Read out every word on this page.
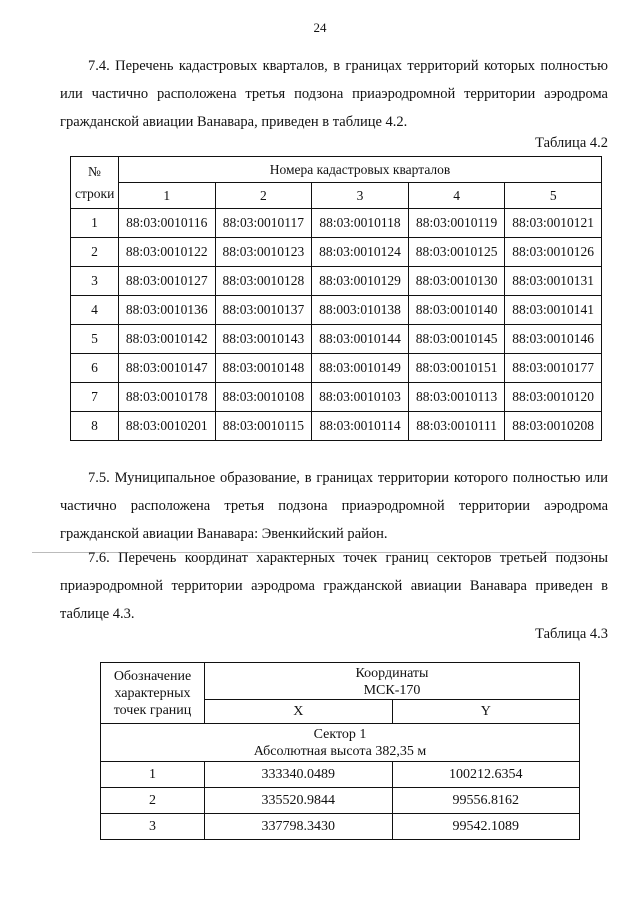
24

7.4. Перечень кадастровых кварталов, в границах территорий которых полностью или частично расположена третья подзона приаэродромной территории аэродрома гражданской авиации Ванавара, приведен в таблице 4.2.

Таблица 4.2
№ строки	Номера кадастровых кварталов				
	1	2	3	4	5
1	88:03:0010116	88:03:0010117	88:03:0010118	88:03:0010119	88:03:0010121
2	88:03:0010122	88:03:0010123	88:03:0010124	88:03:0010125	88:03:0010126
3	88:03:0010127	88:03:0010128	88:03:0010129	88:03:0010130	88:03:0010131
4	88:03:0010136	88:03:0010137	88:003:010138	88:03:0010140	88:03:0010141
5	88:03:0010142	88:03:0010143	88:03:0010144	88:03:0010145	88:03:0010146
6	88:03:0010147	88:03:0010148	88:03:0010149	88:03:0010151	88:03:0010177
7	88:03:0010178	88:03:0010108	88:03:0010103	88:03:0010113	88:03:0010120
8	88:03:0010201	88:03:0010115	88:03:0010114	88:03:0010111	88:03:0010208

7.5. Муниципальное образование, в границах территории которого полностью или частично расположена третья подзона приаэродромной территории аэродрома гражданской авиации Ванавара: Эвенкийский район.

7.6. Перечень координат характерных точек границ секторов третьей подзоны приаэродромной территории аэродрома гражданской авиации Ванавара приведен в таблице 4.3.

Таблица 4.3
Обозначение характерных точек границ	Координаты
МСК-170	

	X	Y

Сектор 1
Абсолютная высота 382,35 м		

1	333340.0489	100212.6354
2	335520.9844	99556.8162
3	337798.3430	99542.1089
